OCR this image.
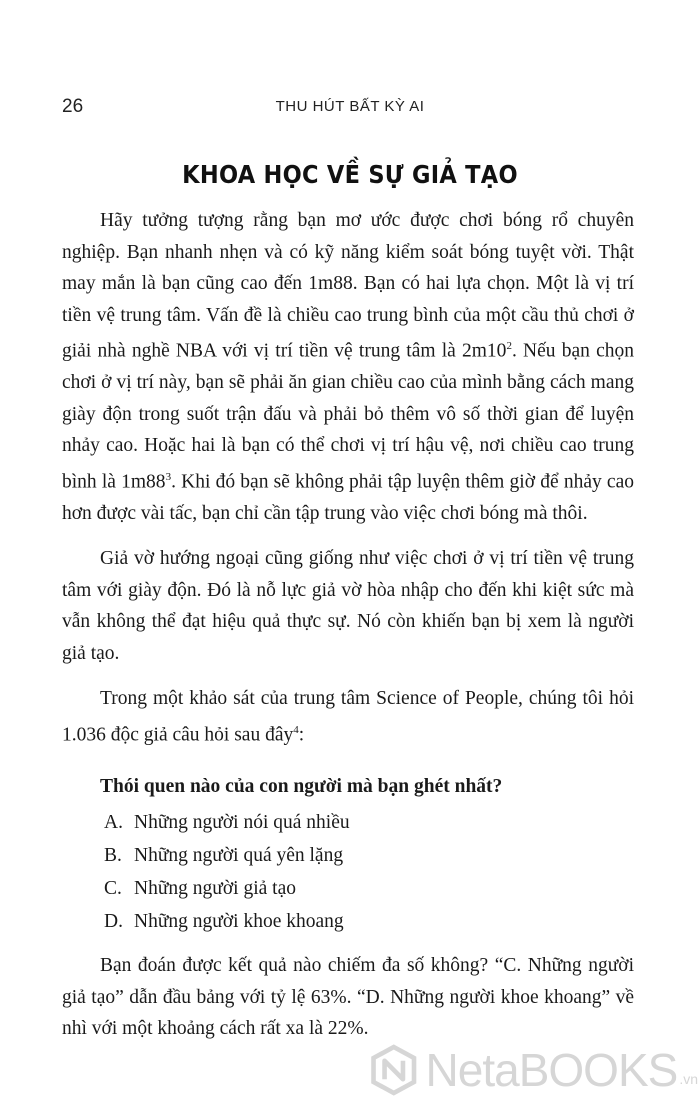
26	THU HÚT BẤT KỲ AI
KHOA HỌC VỀ SỰ GIẢ TẠO

Hãy tưởng tượng rằng bạn mơ ước được chơi bóng rổ chuyên nghiệp. Bạn nhanh nhẹn và có kỹ năng kiểm soát bóng tuyệt vời. Thật may mắn là bạn cũng cao đến 1m88. Bạn có hai lựa chọn. Một là vị trí tiền vệ trung tâm. Vấn đề là chiều cao trung bình của một cầu thủ chơi ở giải nhà nghề NBA với vị trí tiền vệ trung tâm là $2m10^2$. Nếu bạn chọn chơi ở vị trí này, bạn sẽ phải ăn gian chiều cao của mình bằng cách mang giày độn trong suốt trận đấu và phải bỏ thêm vô số thời gian để luyện nhảy cao. Hoặc hai là bạn có thể chơi vị trí hậu vệ, nơi chiều cao trung bình là $1m88^3$. Khi đó bạn sẽ không phải tập luyện thêm giờ để nhảy cao hơn được vài tấc, bạn chỉ cần tập trung vào việc chơi bóng mà thôi.

Giả vờ hướng ngoại cũng giống như việc chơi ở vị trí tiền vệ trung tâm với giày độn. Đó là nỗ lực giả vờ hòa nhập cho đến khi kiệt sức mà vẫn không thể đạt hiệu quả thực sự. Nó còn khiến bạn bị xem là người giả tạo.

Trong một khảo sát của trung tâm Science of People, chúng tôi hỏi 1.036 độc giả câu hỏi sau đây$^4$:

Thói quen nào của con người mà bạn ghét nhất?
A. Những người nói quá nhiều
B. Những người quá yên lặng
C. Những người giả tạo
D. Những người khoe khoang

Bạn đoán được kết quả nào chiếm đa số không? “C. Những người giả tạo” dẫn đầu bảng với tỷ lệ 63%. “D. Những người khoe khoang” về nhì với một khoảng cách rất xa là 22%.

NetaBOOKS .vn
